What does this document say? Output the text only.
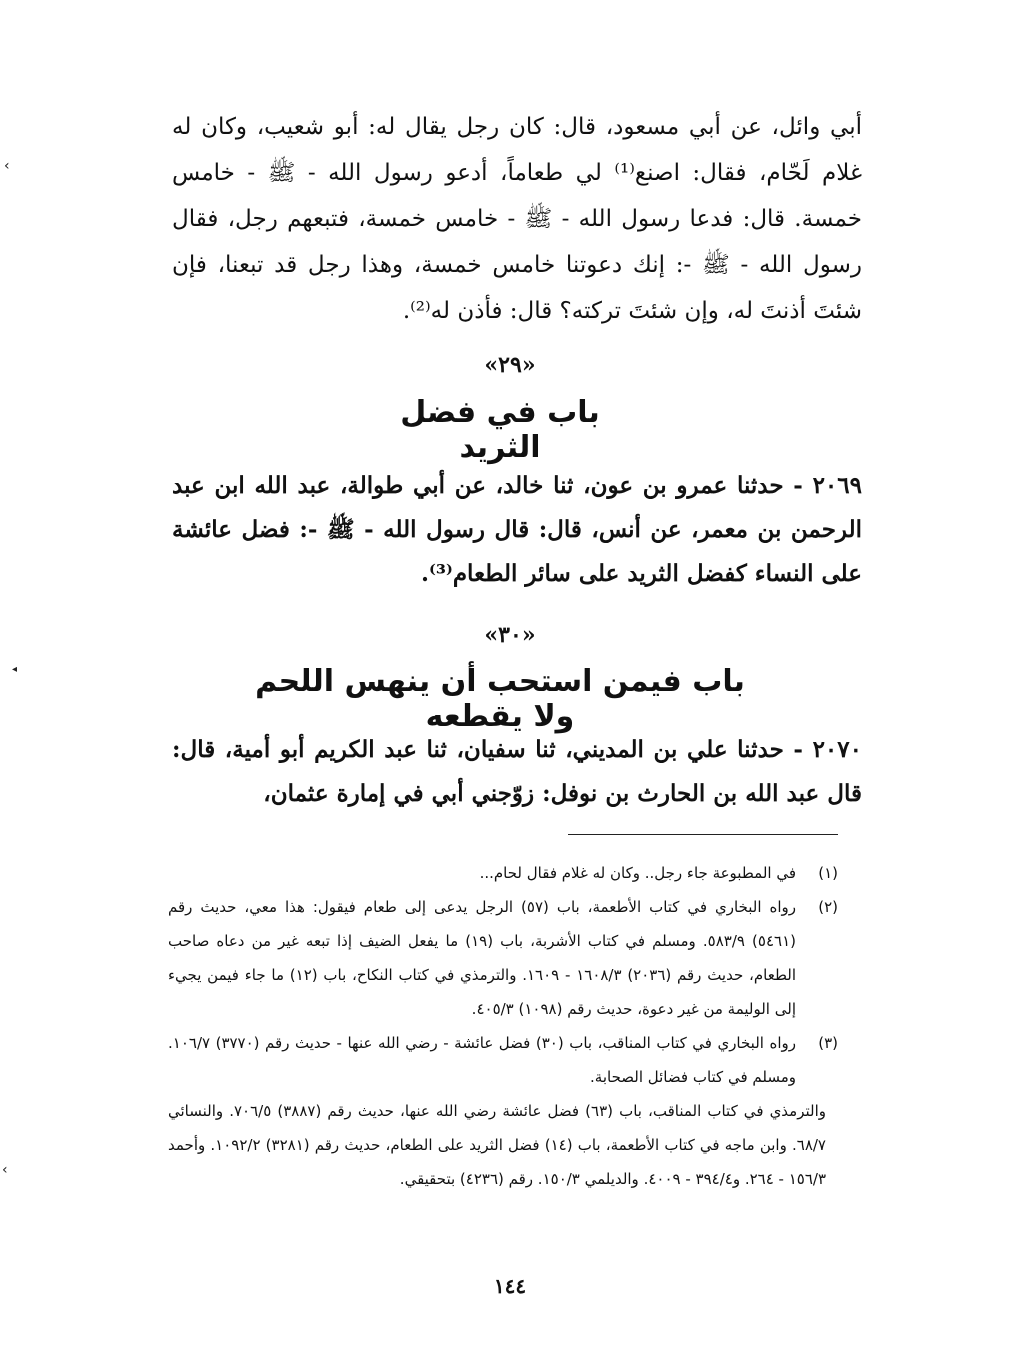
›
◂
›

أبي وائل، عن أبي مسعود، قال: كان رجل يقال له: أبو شعيب، وكان له غلام لَحّام، فقال: اصنع⁽¹⁾ لي طعاماً، أدعو رسول الله - ﷺ - خامس خمسة. قال: فدعا رسول الله - ﷺ - خامس خمسة، فتبعهم رجل، فقال رسول الله - ﷺ -: إنك دعوتنا خامس خمسة، وهذا رجل قد تبعنا، فإن شئتَ أذنتَ له، وإن شئتَ تركته؟ قال: فأذن له⁽²⁾.

«٢٩»
باب في فضل الثريد

٢٠٦٩ - حدثنا عمرو بن عون، ثنا خالد، عن أبي طوالة، عبد الله ابن عبد الرحمن بن معمر، عن أنس، قال: قال رسول الله - ﷺ -: فضل عائشة على النساء كفضل الثريد على سائر الطعام⁽³⁾.

«٣٠»
باب فيمن استحب أن ينهس اللحم ولا يقطعه

٢٠٧٠ - حدثنا علي بن المديني، ثنا سفيان، ثنا عبد الكريم أبو أمية، قال: قال عبد الله بن الحارث بن نوفل: زوّجني أبي في إمارة عثمان،

(١)
في المطبوعة جاء رجل.. وكان له غلام فقال لحام...
(٢)
رواه البخاري في كتاب الأطعمة، باب (٥٧) الرجل يدعى إلى طعام فيقول: هذا معي، حديث رقم (٥٤٦١) ٥٨٣/٩. ومسلم في كتاب الأشربة، باب (١٩) ما يفعل الضيف إذا تبعه غير من دعاه صاحب الطعام، حديث رقم (٢٠٣٦) ١٦٠٨/٣ - ١٦٠٩. والترمذي في كتاب النكاح، باب (١٢) ما جاء فيمن يجيء إلى الوليمة من غير دعوة، حديث رقم (١٠٩٨) ٤٠٥/٣.
(٣)
رواه البخاري في كتاب المناقب، باب (٣٠) فضل عائشة - رضي الله عنها - حديث رقم (٣٧٧٠) ١٠٦/٧. ومسلم في كتاب فضائل الصحابة.
والترمذي في كتاب المناقب، باب (٦٣) فضل عائشة رضي الله عنها، حديث رقم (٣٨٨٧) ٧٠٦/٥. والنسائي ٦٨/٧. وابن ماجه في كتاب الأطعمة، باب (١٤) فضل الثريد على الطعام، حديث رقم (٣٢٨١) ١٠٩٢/٢. وأحمد ١٥٦/٣ - ٢٦٤. و٣٩٤/٤ - ٤٠٠٩. والديلمي ١٥٠/٣. رقم (٤٢٣٦) بتحقيقي.
١٤٤
